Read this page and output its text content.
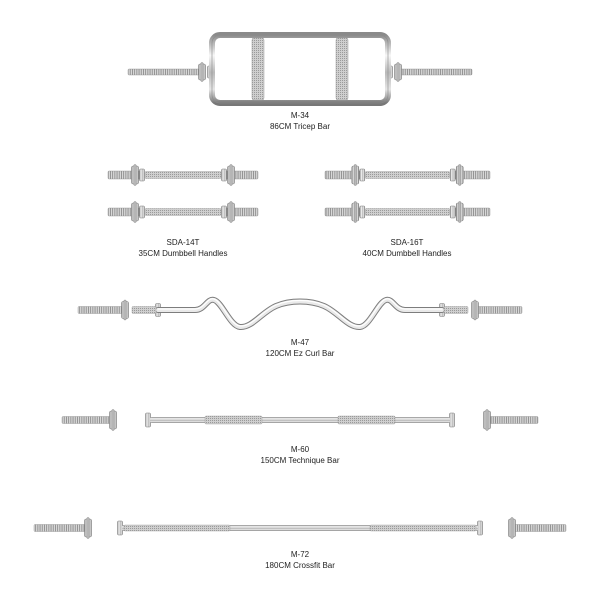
M-34
86CM Tricep Bar
SDA-14T
35CM Dumbbell Handles
SDA-16T
40CM Dumbbell Handles
M-47
120CM Ez Curl Bar
M-60
150CM Technique Bar
M-72
180CM Crossfit Bar
